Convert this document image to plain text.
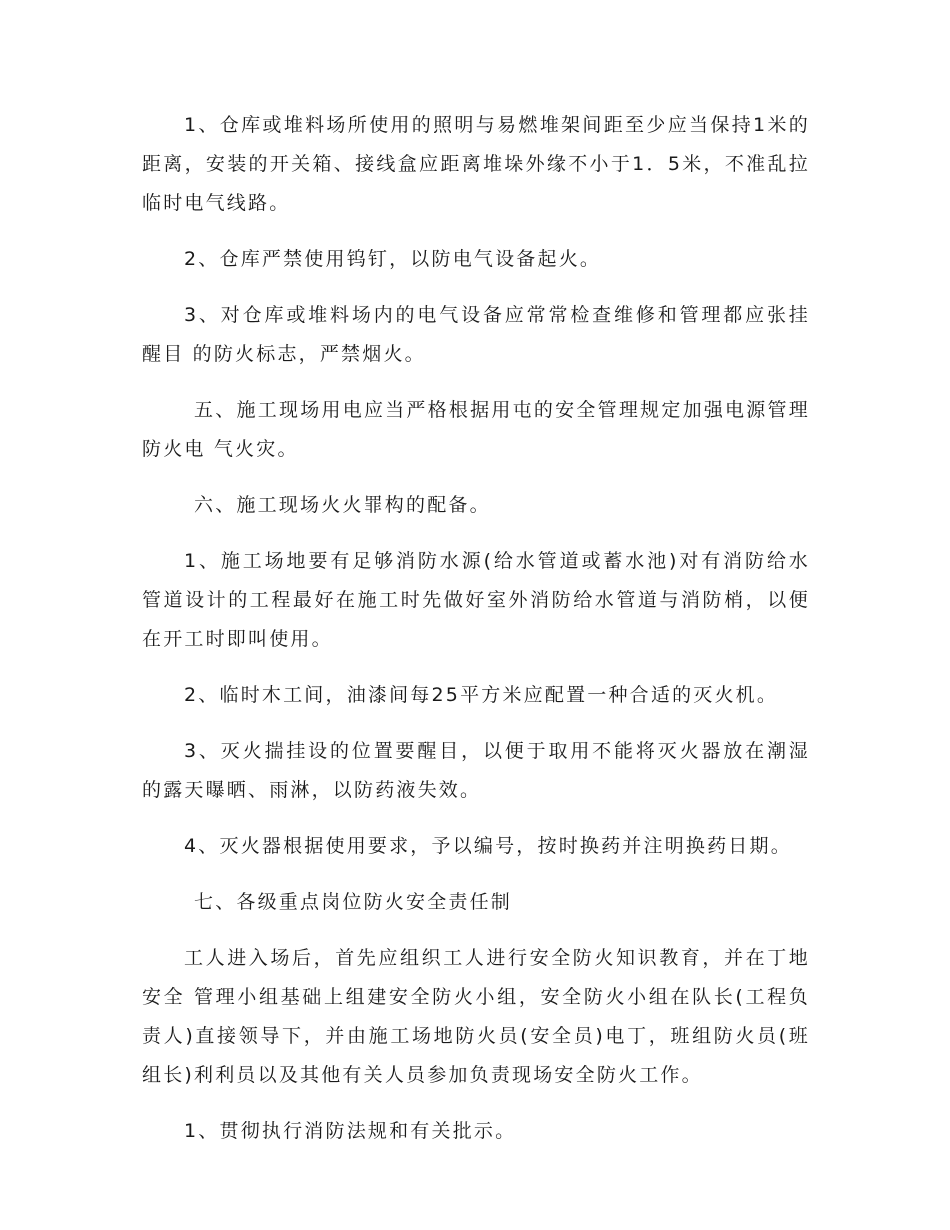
1、仓库或堆料场所使用的照明与易燃堆架间距至少应当保持1米的距离，安装的开关箱、接线盒应距离堆垛外缘不小于1．5米，不准乱拉临时电气线路。

2、仓库严禁使用钨钉，以防电气设备起火。

3、对仓库或堆料场内的电气设备应常常检查维修和管理都应张挂醒目 的防火标志，严禁烟火。

五、施工现场用电应当严格根据用屯的安全管理规定加强电源管理防火电 气火灾。

六、施工现场火火罪构的配备。

1、施工场地要有足够消防水源(给水管道或蓄水池)对有消防给水管道设计的工程最好在施工时先做好室外消防给水管道与消防梢，以便在开工时即叫使用。

2、临时木工间，油漆间每25平方米应配置一种合适的灭火机。

3、灭火揣挂设的位置要醒目，以便于取用不能将灭火器放在潮湿的露天曝晒、雨淋，以防药液失效。

4、灭火器根据使用要求，予以编号，按时换药并注明换药日期。

七、各级重点岗位防火安全责任制

工人进入场后，首先应组织工人进行安全防火知识教育，并在丁地安全 管理小组基础上组建安全防火小组，安全防火小组在队长(工程负责人)直接领导下，并由施工场地防火员(安全员)电丁，班组防火员(班组长)利利员以及其他有关人员参加负责现场安全防火工作。

1、贯彻执行消防法规和有关批示。
